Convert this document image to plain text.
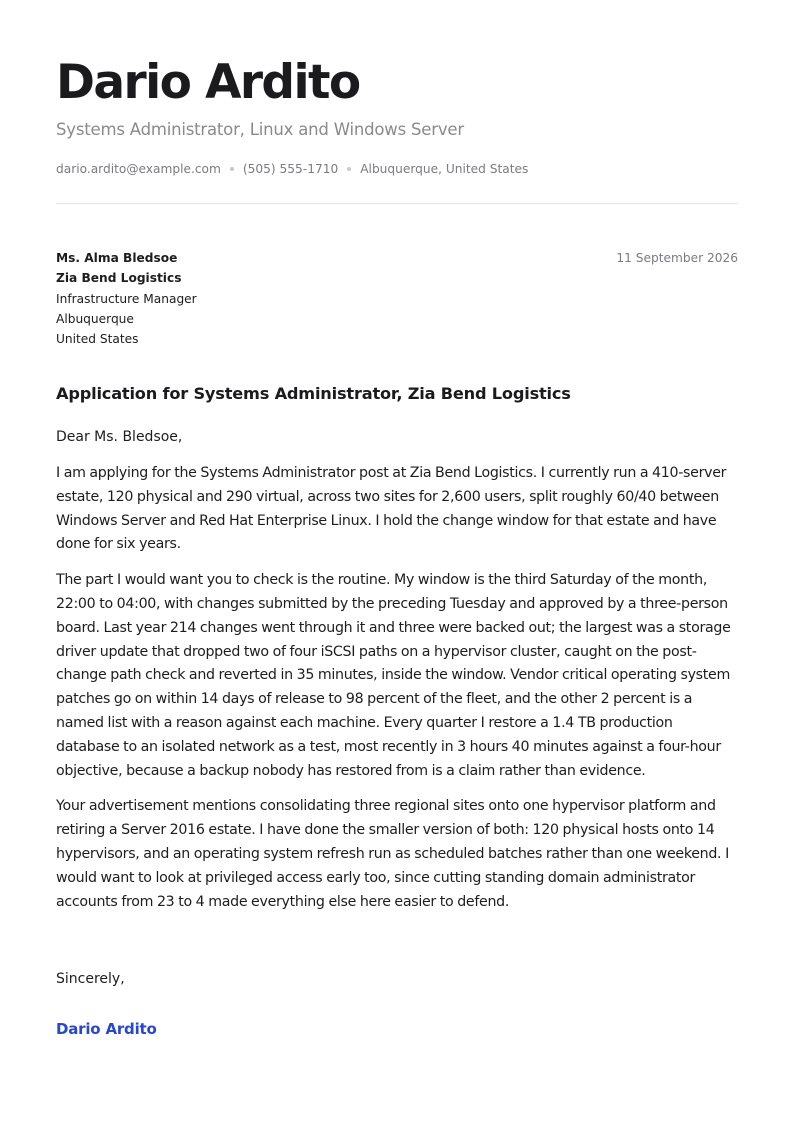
Dario Ardito
Systems Administrator, Linux and Windows Server
dario.ardito@example.com (505) 555-1710 Albuquerque, United States
Ms. Alma Bledsoe
Zia Bend Logistics
Infrastructure Manager
Albuquerque
United States
11 September 2026
Application for Systems Administrator, Zia Bend Logistics
Dear Ms. Bledsoe,

I am applying for the Systems Administrator post at Zia Bend Logistics. I currently run a 410-server estate, 120 physical and 290 virtual, across two sites for 2,600 users, split roughly 60/40 between Windows Server and Red Hat Enterprise Linux. I hold the change window for that estate and have done for six years.

The part I would want you to check is the routine. My window is the third Saturday of the month, 22:00 to 04:00, with changes submitted by the preceding Tuesday and approved by a three-person board. Last year 214 changes went through it and three were backed out; the largest was a storage driver update that dropped two of four iSCSI paths on a hypervisor cluster, caught on the post-change path check and reverted in 35 minutes, inside the window. Vendor critical operating system patches go on within 14 days of release to 98 percent of the fleet, and the other 2 percent is a named list with a reason against each machine. Every quarter I restore a 1.4 TB production database to an isolated network as a test, most recently in 3 hours 40 minutes against a four-hour objective, because a backup nobody has restored from is a claim rather than evidence.

Your advertisement mentions consolidating three regional sites onto one hypervisor platform and retiring a Server 2016 estate. I have done the smaller version of both: 120 physical hosts onto 14 hypervisors, and an operating system refresh run as scheduled batches rather than one weekend. I would want to look at privileged access early too, since cutting standing domain administrator accounts from 23 to 4 made everything else here easier to defend.

Sincerely,
Dario Ardito
